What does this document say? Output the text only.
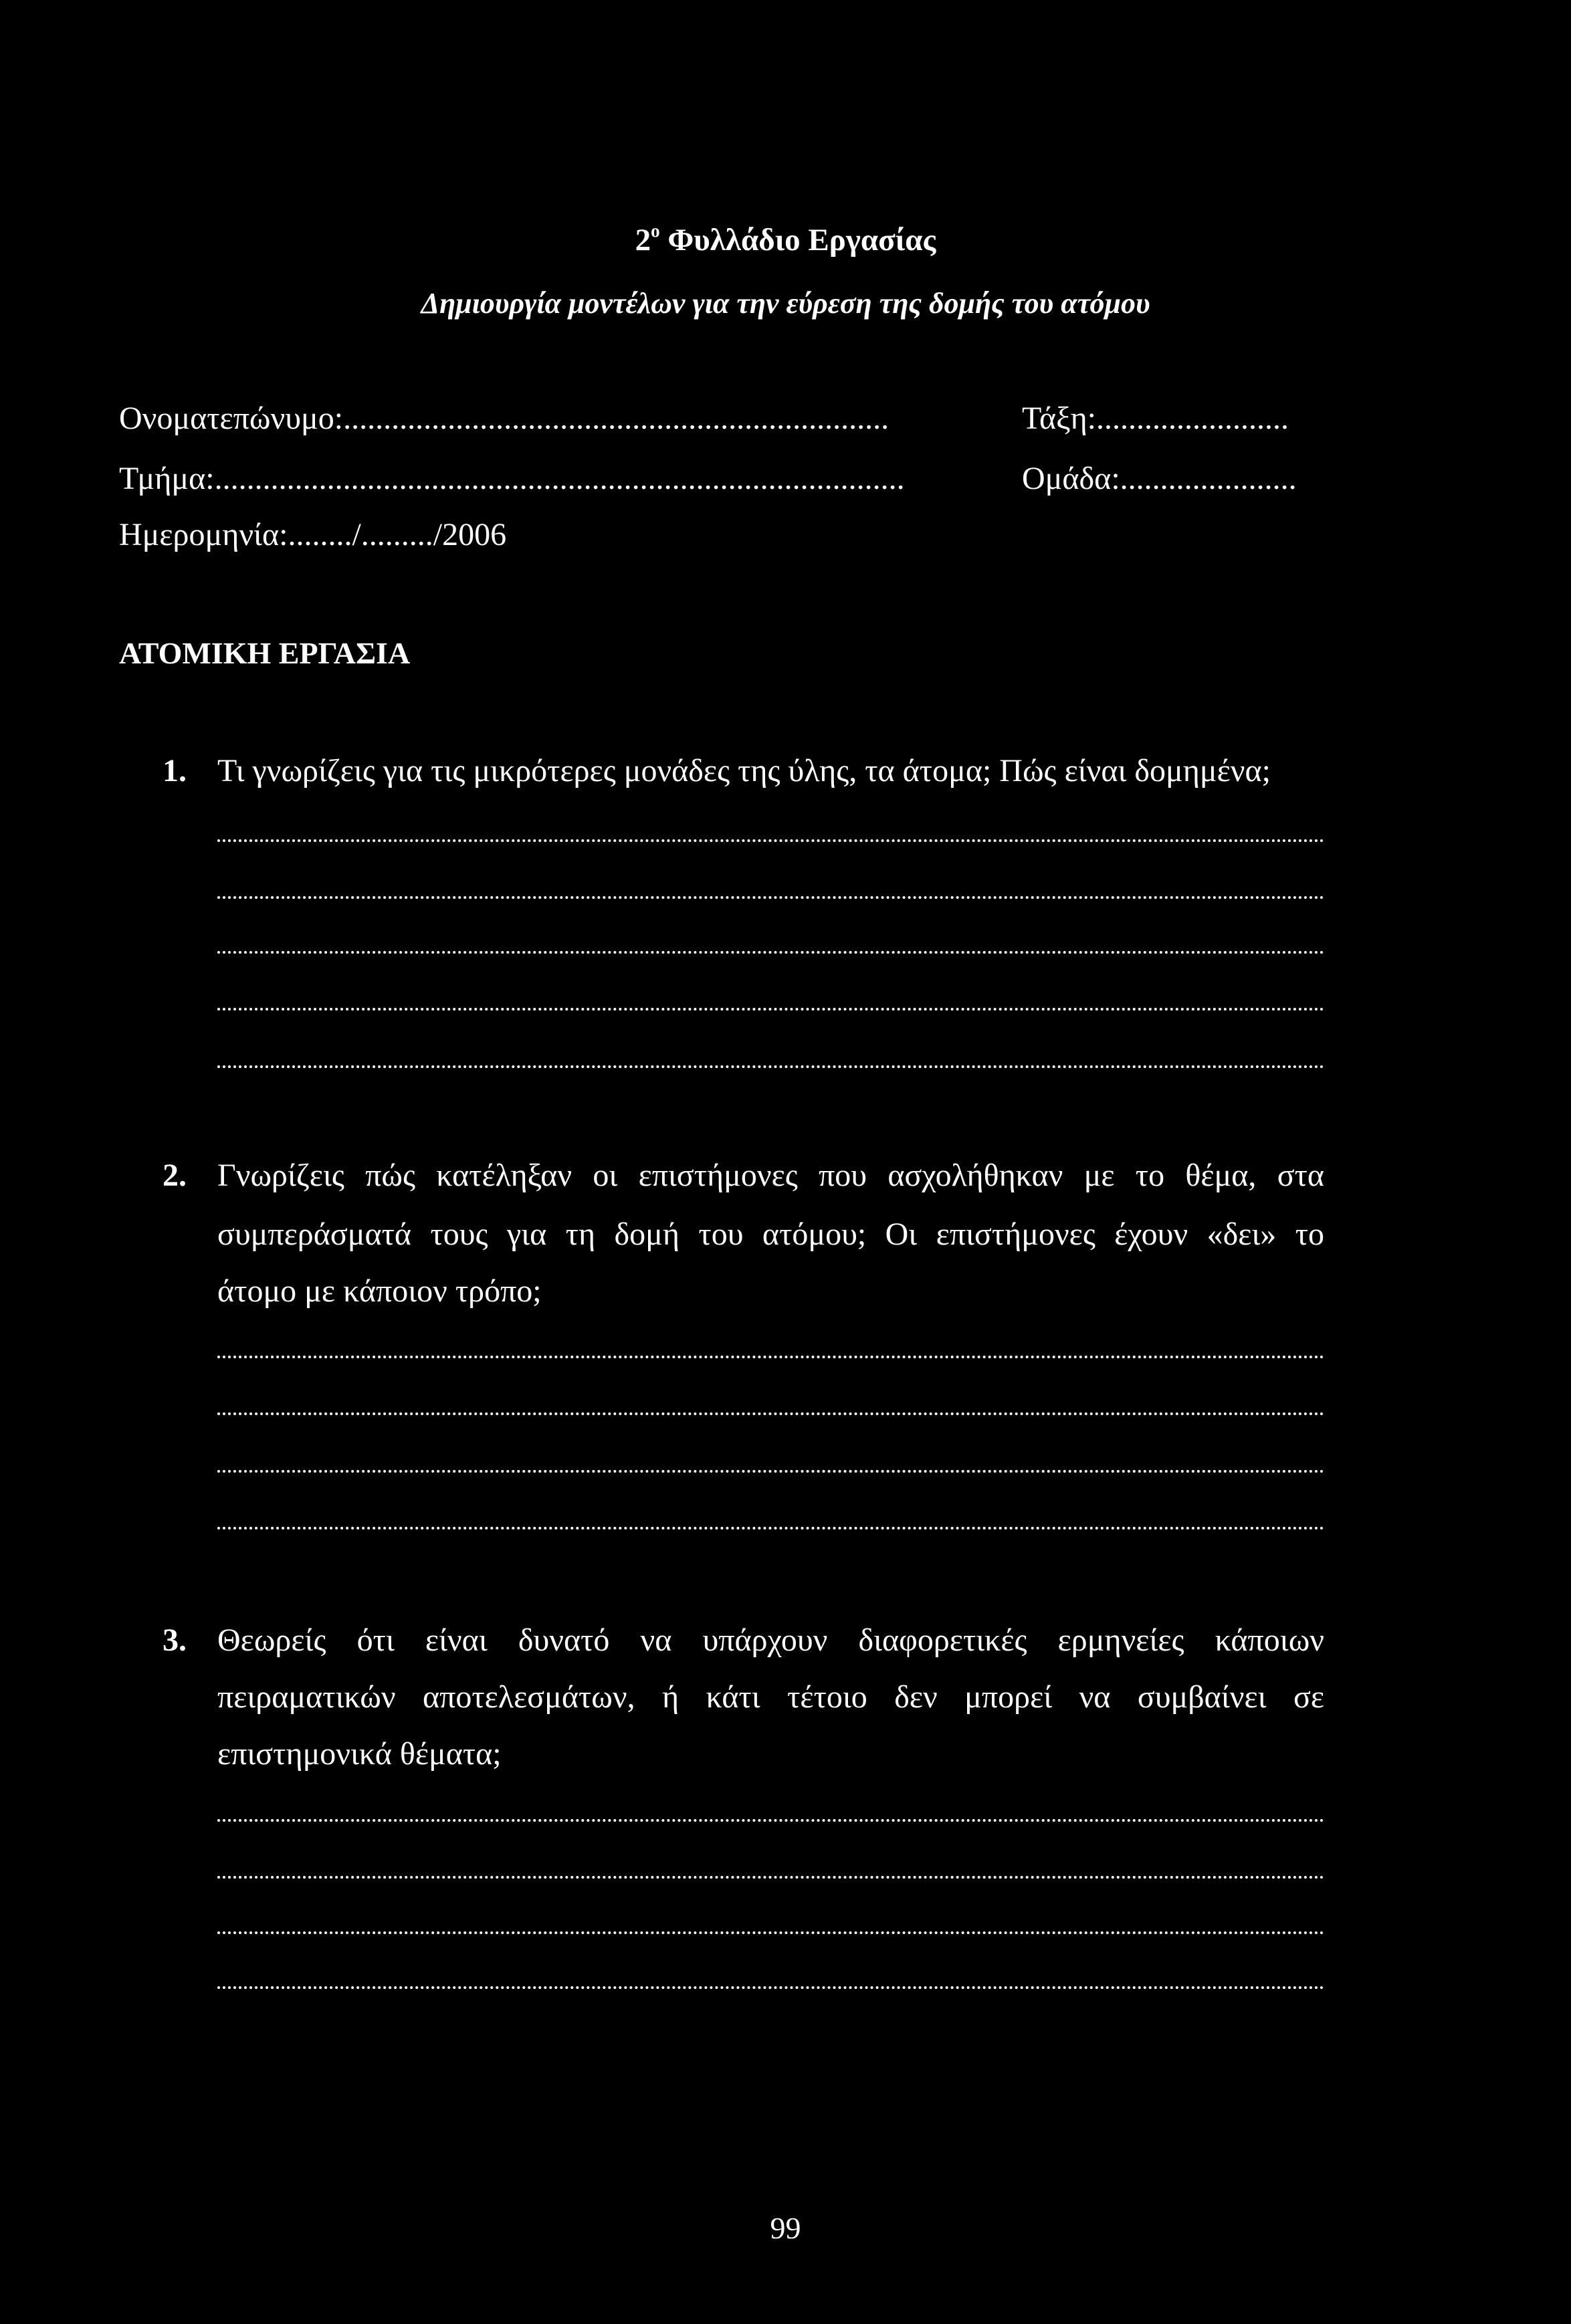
$2^o$ Φυλλάδιο Εργασίας
Δημιουργία μοντέλων για την εύρεση της δομής του ατόμου
Ονοματεπώνυμο:....................................................................	Τάξη:........................
Τμήμα:......................................................................................	Ομάδα:......................
Ημερομηνία:......../........./2006
ΑΤΟΜΙΚΗ ΕΡΓΑΣΙΑ
1. Τι γνωρίζεις για τις μικρότερες μονάδες της ύλης, τα άτομα; Πώς είναι δομημένα;
2. Γνωρίζεις πώς κατέληξαν οι επιστήμονες που ασχολήθηκαν με το θέμα, στα
συμπεράσματά τους για τη δομή του ατόμου; Οι επιστήμονες έχουν «δει» το
άτομο με κάποιον τρόπο;
3. Θεωρείς ότι είναι δυνατό να υπάρχουν διαφορετικές ερμηνείες κάποιων
πειραματικών αποτελεσμάτων, ή κάτι τέτοιο δεν μπορεί να συμβαίνει σε
επιστημονικά θέματα;
99
